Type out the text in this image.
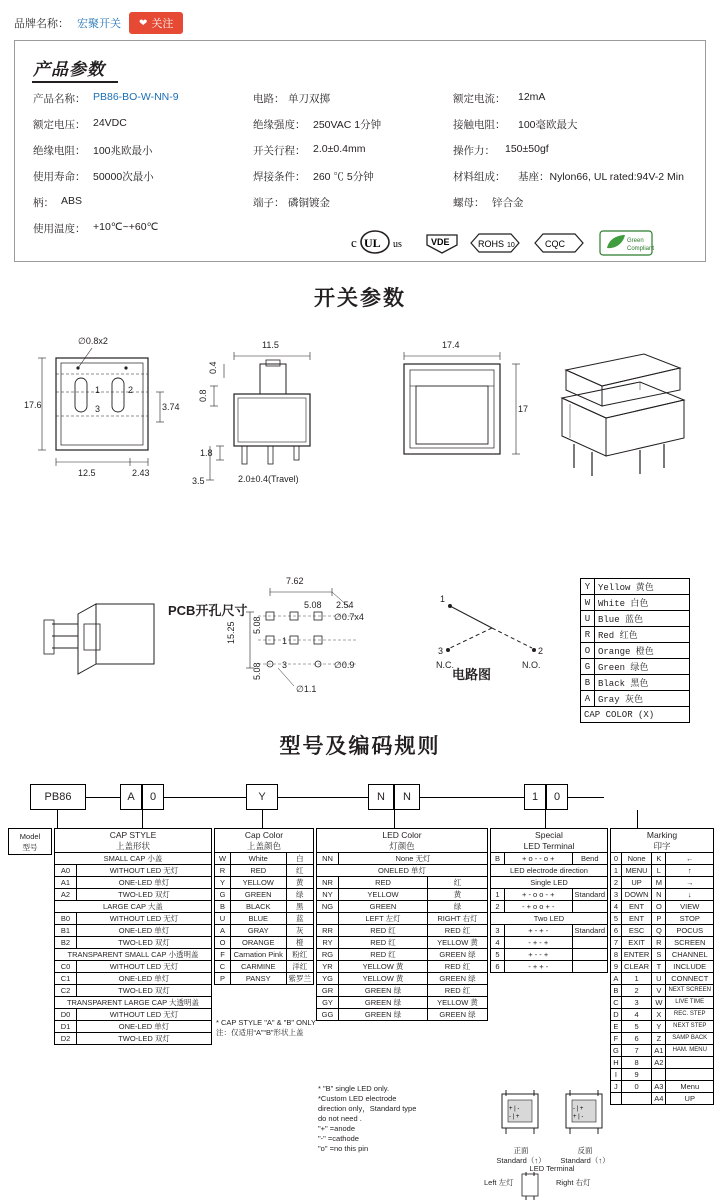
品牌名称： 宏聚开关 ❤ 关注
产品参数
产品名称： PB86-BO-W-NN-9	电路： 单刀双掷	额定电流： 12mA
额定电压： 24VDC	绝缘强度： 250VAC 1分钟	接触电阻： 100毫欧最大
绝缘电阻： 100兆欧最小	开关行程： 2.0±0.4mm	操作力： 150±50gf
使用寿命： 50000次最小	焊接条件： 260 ℃ 5分钟	材料组成： 基座：Nylon66, UL rated:94V-2 Min
柄： ABS	端子： 磷铜镀金	螺母： 锌合金
使用温度： +10℃~+60℃
c UL us	VDE	ROHS 10	CQC	Green
Compliant
开关参数
1	2
3
∅0.8x2
17.6
12.5	2.43
3.74
11.5
0.4
0.8
1.8
3.5	2.0±0.4(Travel)
17.4
17
PCB开孔尺寸
7.62
2.54
∅0.7x4
1
3	∅0.9
∅1.1
15.25 5.08
5.08
5.08
1
3	2
N.C.	N.O.
电路图
Y	Yellow 黄色
W	White 白色
U	Blue 蓝色
R	Red 红色
O	Orange 橙色
G	Green 绿色
B	Black 黑色
A	Gray 灰色
CAP COLOR (X)	
型号及编码规则
PB86	A	0	Y	N	N	1	0
Model
型号
CAP STYLE
上盖形状	
SMALL CAP 小盖	
A0	WITHOUT LED 无灯
A1	ONE-LED 单灯
A2	TWO-LED 双灯
LARGE CAP 大盖	
B0	WITHOUT LED 无灯
B1	ONE-LED 单灯
B2	TWO-LED 双灯
TRANSPARENT SMALL CAP 小透明盖	
C0	WITHOUT LED 无灯
C1	ONE-LED 单灯
C2	TWO-LED 双灯
TRANSPARENT LARGE CAP 大透明盖	
D0	WITHOUT LED 无灯
D1	ONE-LED 单灯
D2	TWO-LED 双灯
Cap Color
上盖颜色		
W	White	白
R	RED	红
Y	YELLOW	黄
G	GREEN	绿
B	BLACK	黑
U	BLUE	蓝
A	GRAY	灰
O	ORANGE	橙
F	Carnation Pink	粉红
C	CARMINE	洋红
P	PANSY	紫罗兰
* CAP STYLE "A" & "B" ONLY
注：仅适用“A”“B”形状上盖
LED Color
灯颜色		
NN	None 无灯	
ONELED 单灯		
NR	RED	红
NY	YELLOW	黄
NG	GREEN	绿
	LEFT 左灯	RIGHT 右灯
RR	RED 红	RED 红
RY	RED 红	YELLOW 黄
RG	RED 红	GREEN 绿
YR	YELLOW 黄	RED 红
YG	YELLOW 黄	GREEN 绿
GR	GREEN 绿	RED 红
GY	GREEN 绿	YELLOW 黄
GG	GREEN 绿	GREEN 绿
* "B" single LED only.
*Custom LED electrode
direction only，Standard type
do not need .
"+" =anode
"-" =cathode
"o" =no this pin
Special
LED Terminal		
B	+ o - - o +	Bend
LED electrode direction		
Single LED		
1	+ - o o - +	Standard
2	- + o o + -	
Two LED		
3	+ - + -	Standard
4	- + - +	
5	+ - - +	
6	- + + -	
+ | -
- | +
正面
Standard（↑）
- | +
+ | -
反面
Standard（↑）
LED Terminal
Left 左灯	Right 右灯
Marking
印字			
0	None	K	←
1	MENU	L	↑
2	UP	M	→
3	DOWN	N	↓
4	ENT	O	VIEW
5	ENT	P	STOP
6	ESC	Q	POCUS
7	EXIT	R	SCREEN
8	ENTER	S	CHANNEL
9	CLEAR	T	INCLUDE
A	1	U	CONNECT
B	2	V	NEXT SCREEN
C	3	W	LIVE TIME
D	4	X	REC. STEP
E	5	Y	NEXT STEP
F	6	Z	SAMP BACK
G	7	A1	HAM. MENU
H	8	A2	
I	9		
J	0	A3	Menu
		A4	UP
